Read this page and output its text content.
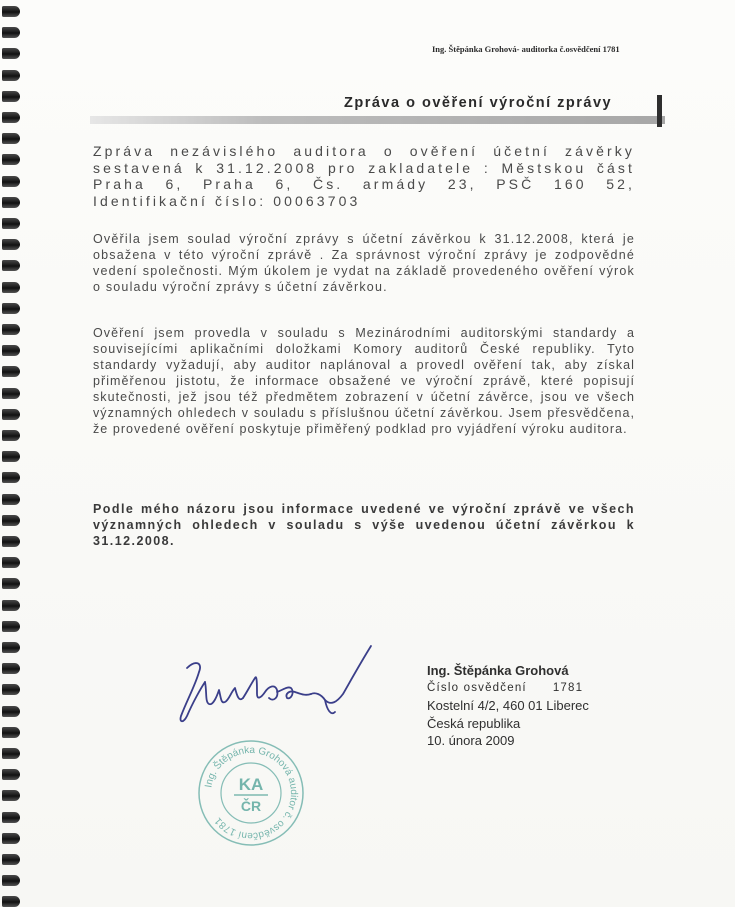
Ing. Štěpánka Grohová- auditorka č.osvědčení 1781
Zpráva o ověření výroční zprávy
Zpráva nezávislého auditora o ověření účetní závěrky sestavená k 31.12.2008 pro zakladatele : Městskou část Praha 6, Praha 6, Čs. armády 23, PSČ 160 52, Identifikační číslo: 00063703
Ověřila jsem soulad výroční zprávy s účetní závěrkou k 31.12.2008, která je obsažena v této výroční zprávě . Za správnost výroční zprávy je zodpovědné vedení společnosti. Mým úkolem je vydat na základě provedeného ověření výrok o souladu výroční zprávy s účetní závěrkou.
Ověření jsem provedla v souladu s Mezinárodními auditorskými standardy a souvisejícími aplikačními doložkami Komory auditorů České republiky. Tyto standardy vyžadují, aby auditor naplánoval a provedl ověření tak, aby získal přiměřenou jistotu, že informace obsažené ve výroční zprávě, které popisují skutečnosti, jež jsou též předmětem zobrazení v účetní závěrce, jsou ve všech významných ohledech v souladu s příslušnou účetní závěrkou. Jsem přesvědčena, že provedené ověření poskytuje přiměřený podklad pro vyjádření výroku auditora.
Podle mého názoru jsou informace uvedené ve výroční zprávě ve všech významných ohledech v souladu s výše uvedenou účetní závěrkou k 31.12.2008.
Ing. Štěpánka Grohová auditor č. osvědčení 1781
KA
ČR
Ing. Štěpánka Grohová
Číslo osvědčení 1781
Kostelní 4/2, 460 01 Liberec
Česká republika
10. února 2009
